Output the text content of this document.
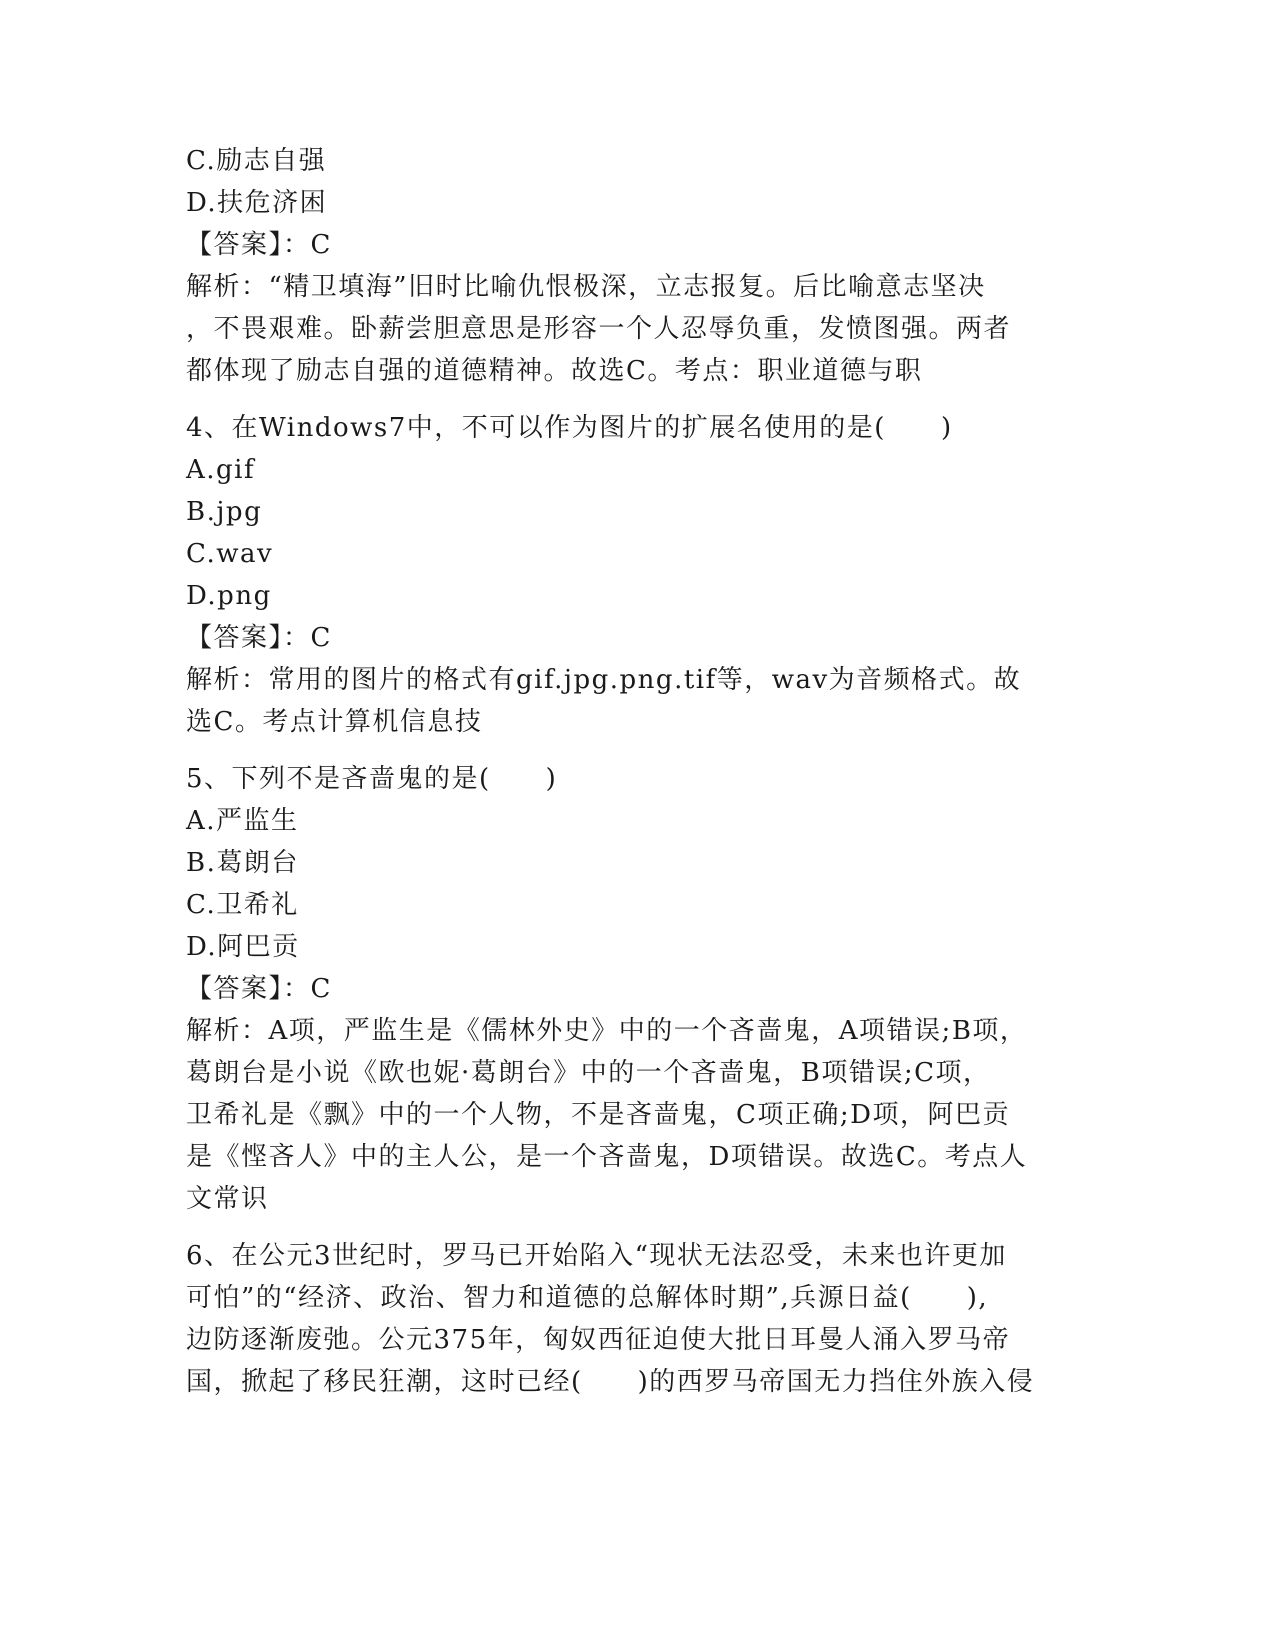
C.励志自强
D.扶危济困
【答案】：C
解析：“精卫填海”旧时比喻仇恨极深，立志报复。后比喻意志坚决
，不畏艰难。卧薪尝胆意思是形容一个人忍辱负重，发愤图强。两者
都体现了励志自强的道德精神。故选C。考点：职业道德与职
4、在Windows7中，不可以作为图片的扩展名使用的是(　　)
A.gif
B.jpg
C.wav
D.png
【答案】：C
解析：常用的图片的格式有gif.jpg.png.tif等，wav为音频格式。故
选C。考点计算机信息技
5、下列不是吝啬鬼的是(　　)
A.严监生
B.葛朗台
C.卫希礼
D.阿巴贡
【答案】：C
解析：A项，严监生是《儒林外史》中的一个吝啬鬼，A项错误;B项，
葛朗台是小说《欧也妮·葛朗台》中的一个吝啬鬼，B项错误;C项，
卫希礼是《飘》中的一个人物，不是吝啬鬼，C项正确;D项，阿巴贡
是《悭吝人》中的主人公，是一个吝啬鬼，D项错误。故选C。考点人
文常识
6、在公元3世纪时，罗马已开始陷入“现状无法忍受，未来也许更加
可怕”的“经济、政治、智力和道德的总解体时期”,兵源日益(　　),
边防逐渐废弛。公元375年，匈奴西征迫使大批日耳曼人涌入罗马帝
国，掀起了移民狂潮，这时已经(　　)的西罗马帝国无力挡住外族入侵
